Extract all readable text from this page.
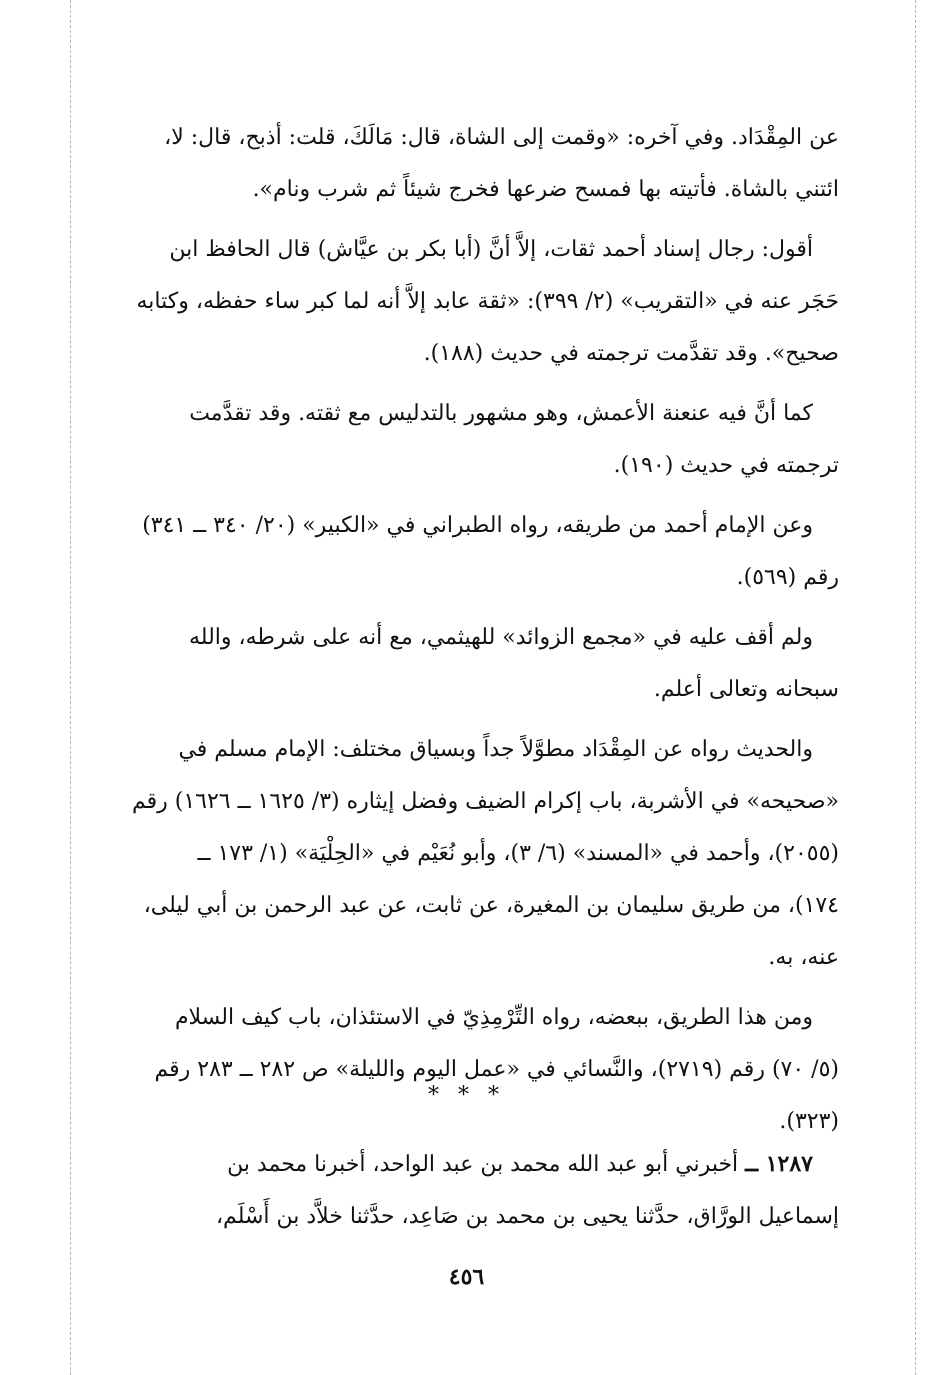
عن المِقْدَاد. وفي آخره: «وقمت إلى الشاة، قال: مَالَكَ، قلت: أذبح، قال: لا،

ائتني بالشاة. فأتيته بها فمسح ضرعها فخرج شيئاً ثم شرب ونام».

أقول: رجال إسناد أحمد ثقات، إلاَّ أنَّ (أبا بكر بن عيَّاش) قال الحافظ ابن

حَجَر عنه في «التقريب» (٢/ ٣٩٩): «ثقة عابد إلاَّ أنه لما كبر ساء حفظه، وكتابه

صحيح». وقد تقدَّمت ترجمته في حديث (١٨٨).

كما أنَّ فيه عنعنة الأعمش، وهو مشهور بالتدليس مع ثقته. وقد تقدَّمت

ترجمته في حديث (١٩٠).

وعن الإمام أحمد من طريقه، رواه الطبراني في «الكبير» (٢٠/ ٣٤٠ ــ ٣٤١)

رقم (٥٦٩).

ولم أقف عليه في «مجمع الزوائد» للهيثمي، مع أنه على شرطه، والله

سبحانه وتعالى أعلم.

والحديث رواه عن المِقْدَاد مطوَّلاً جداً وبسياق مختلف: الإمام مسلم في

«صحيحه» في الأشربة، باب إكرام الضيف وفضل إيثاره (٣/ ١٦٢٥ ــ ١٦٢٦) رقم

(٢٠٥٥)، وأحمد في «المسند» (٦/ ٣)، وأبو نُعَيْم في «الحِلْيَة» (١/ ١٧٣ ــ

١٧٤)، من طريق سليمان بن المغيرة، عن ثابت، عن عبد الرحمن بن أبي ليلى،

عنه، به.

ومن هذا الطريق، ببعضه، رواه التِّرْمِذِيّ في الاستئذان، باب كيف السلام

(٥/ ٧٠) رقم (٢٧١٩)، والنَّسائي في «عمل اليوم والليلة» ص ٢٨٢ ــ ٢٨٣ رقم

(٣٢٣).

* * *

١٢٨٧ ــ أخبرني أبو عبد الله محمد بن عبد الواحد، أخبرنا محمد بن

إسماعيل الورَّاق، حدَّثنا يحيى بن محمد بن صَاعِد، حدَّثنا خلاَّد بن أَسْلَم،

٤٥٦
